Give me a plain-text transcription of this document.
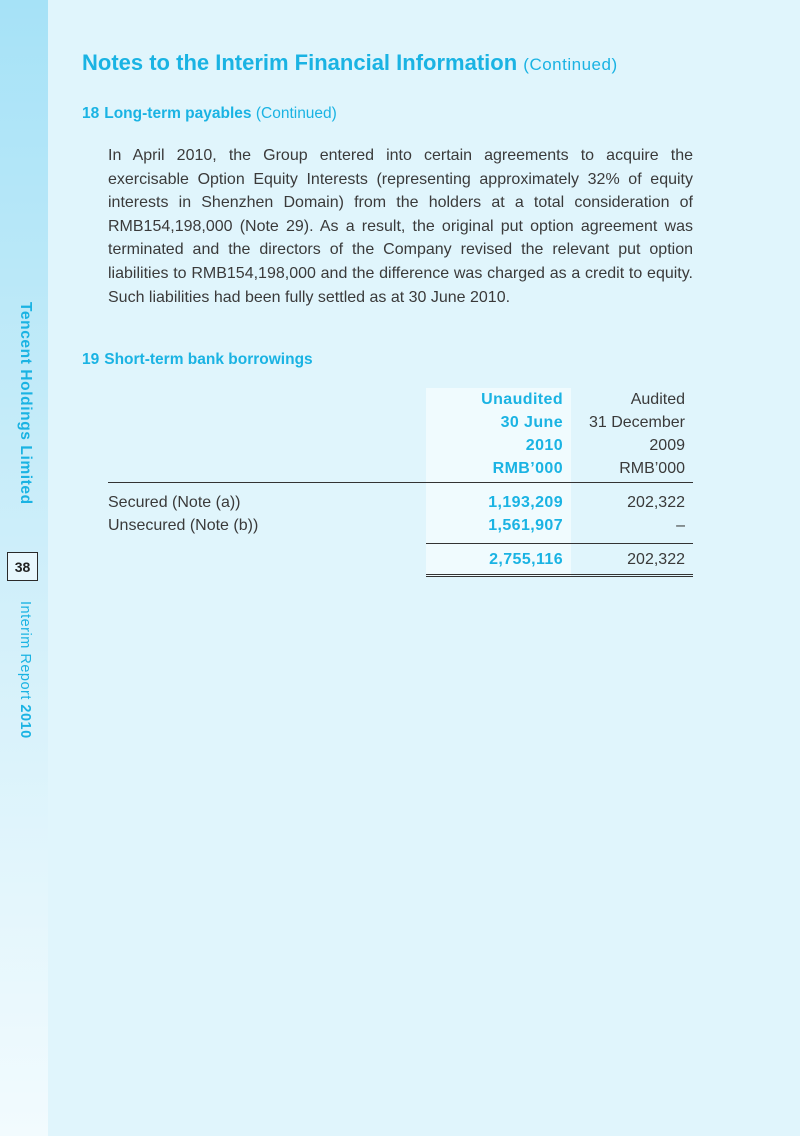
Tencent Holdings Limited
38
Interim Report 2010
Notes to the Interim Financial Information (Continued)
18 Long-term payables (Continued)
In April 2010, the Group entered into certain agreements to acquire the exercisable Option Equity Interests (representing approximately 32% of equity interests in Shenzhen Domain) from the holders at a total consideration of RMB154,198,000 (Note 29). As a result, the original put option agreement was terminated and the directors of the Company revised the relevant put option liabilities to RMB154,198,000 and the difference was charged as a credit to equity. Such liabilities had been fully settled as at 30 June 2010.
19 Short-term bank borrowings
	Unaudited	Audited
	30 June	31 December
	2010	2009
	RMB’000	RMB’000

Secured (Note (a))	1,193,209	202,322
Unsecured (Note (b))	1,561,907	–
	2,755,116	202,322
